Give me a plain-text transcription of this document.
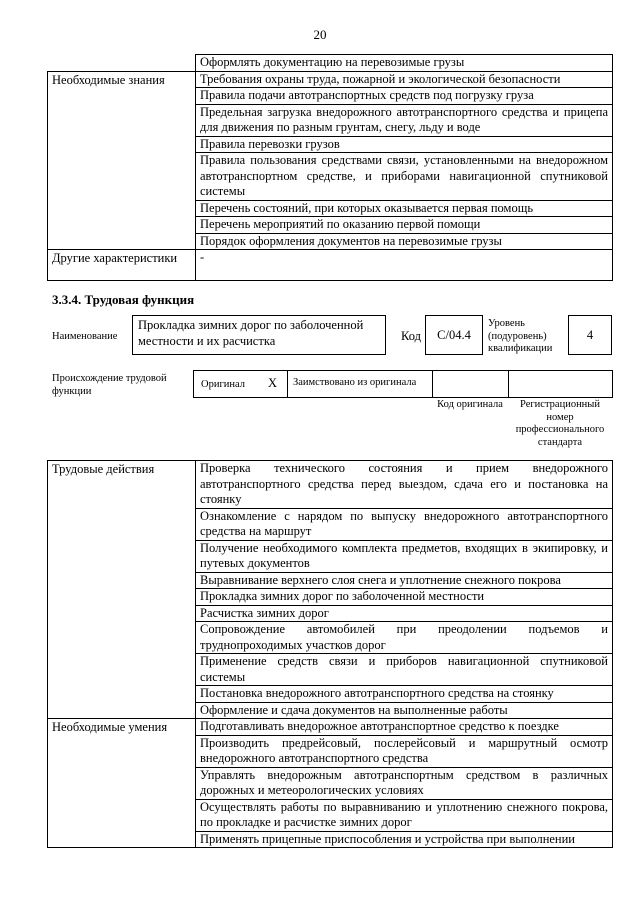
20
	Оформлять документацию на перевозимые грузы
Необходимые знания	Требования охраны труда, пожарной и экологической безопасности
	Правила подачи автотранспортных средств под погрузку груза
	Предельная загрузка внедорожного автотранспортного средства и прицепа для движения по разным грунтам, снегу, льду и воде
	Правила перевозки грузов
	Правила пользования средствами связи, установленными на внедорожном автотранспортном средстве, и приборами навигационной спутниковой системы
	Перечень состояний, при которых оказывается первая помощь
	Перечень мероприятий по оказанию первой помощи
	Порядок оформления документов на перевозимые грузы
Другие характеристики	-
3.3.4. Трудовая функция
Наименование
Прокладка зимних дорог по заболоченной местности и их расчистка	Код	C/04.4
Уровень (подуровень) квалификации
4
Происхождение трудовой функции
Оригинал X Заимствовано из оригинала
Код оригинала	Регистрационный номер профессионального стандарта
Трудовые действия	Проверка технического состояния и прием внедорожного автотранспортного средства перед выездом, сдача его и постановка на стоянку
	Ознакомление с нарядом по выпуску внедорожного автотранспортного средства на маршрут
	Получение необходимого комплекта предметов, входящих в экипировку, и путевых документов
	Выравнивание верхнего слоя снега и уплотнение снежного покрова
	Прокладка зимних дорог по заболоченной местности
	Расчистка зимних дорог
	Сопровождение автомобилей при преодолении подъемов и труднопроходимых участков дорог
	Применение средств связи и приборов навигационной спутниковой системы
	Постановка внедорожного автотранспортного средства на стоянку
	Оформление и сдача документов на выполненные работы
Необходимые умения	Подготавливать внедорожное автотранспортное средство к поездке
	Производить предрейсовый, послерейсовый и маршрутный осмотр внедорожного автотранспортного средства
	Управлять внедорожным автотранспортным средством в различных дорожных и метеорологических условиях
	Осуществлять работы по выравниванию и уплотнению снежного покрова, по прокладке и расчистке зимних дорог
	Применять прицепные приспособления и устройства при выполнении
